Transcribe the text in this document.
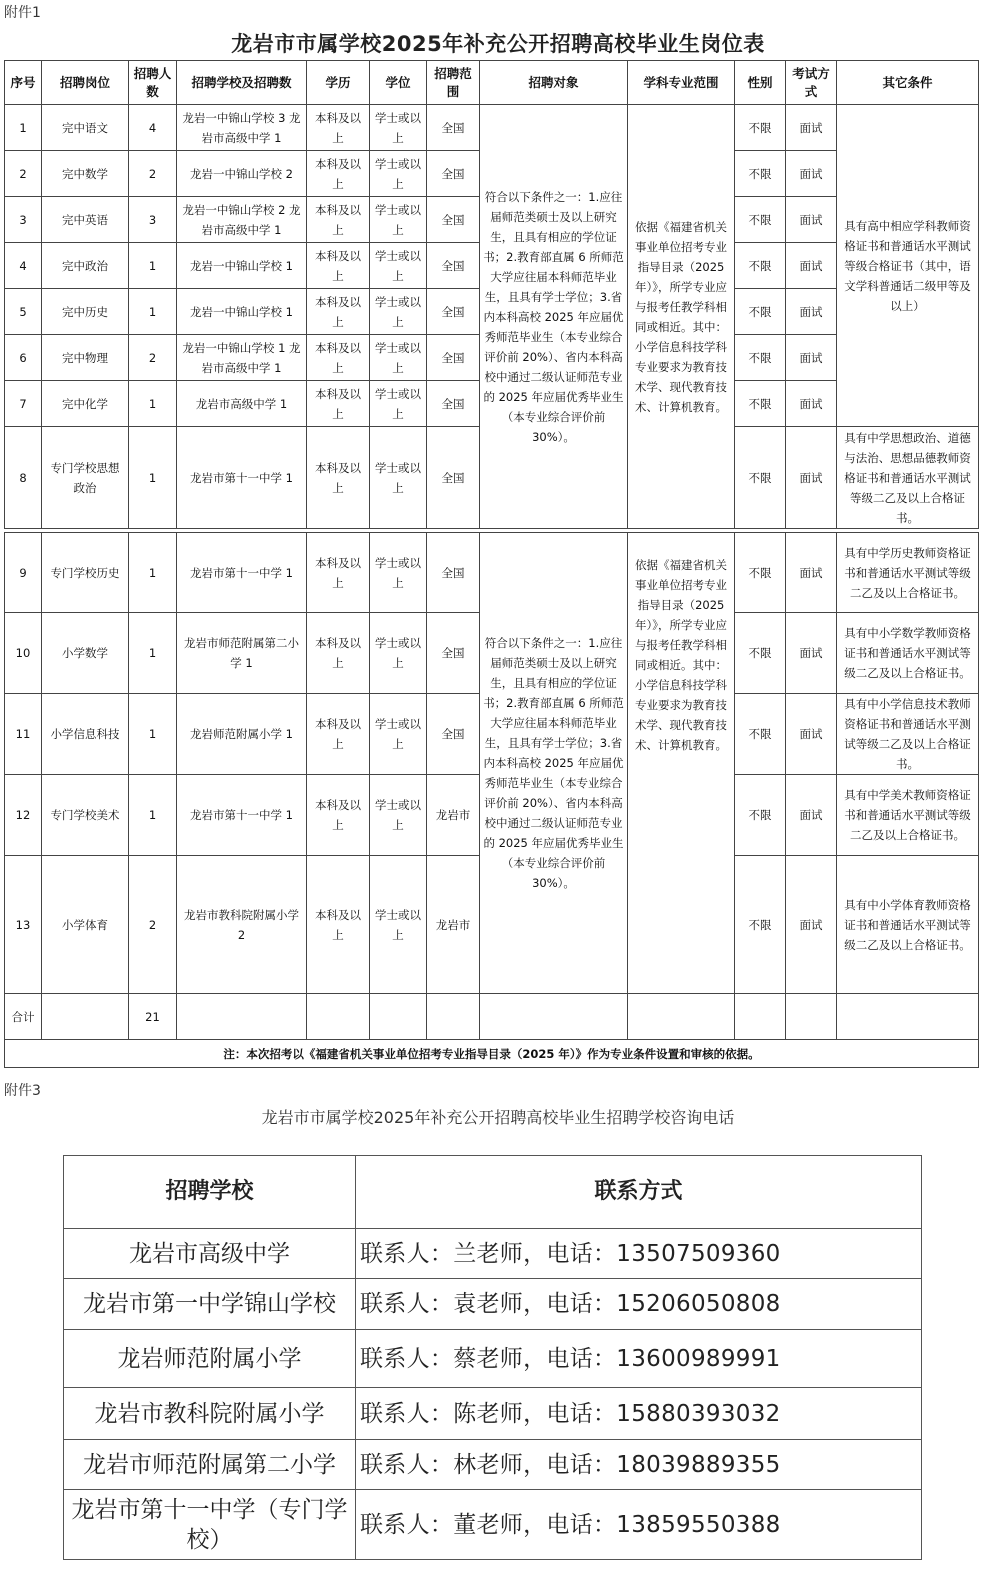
附件1
龙岩市市属学校2025年补充公开招聘高校毕业生岗位表
序号	招聘岗位	招聘人数	招聘学校及招聘数	学历	学位	招聘范围	招聘对象	学科专业范围	性别	考试方式	其它条件
1	完中语文	4	龙岩一中锦山学校 3 龙岩市高级中学 1	本科及以上	学士或以上	全国	符合以下条件之一：1.应往届师范类硕士及以上研究生，且具有相应的学位证书；2.教育部直属 6 所师范大学应往届本科师范毕业生，且具有学士学位；3.省内本科高校 2025 年应届优秀师范毕业生（本专业综合评价前 20%）、省内本科高校中通过二级认证师范专业的 2025 年应届优秀毕业生（本专业综合评价前 30%）。	依据《福建省机关事业单位招考专业指导目录（2025年）》，所学专业应与报考任教学科相同或相近。其中：小学信息科技学科专业要求为教育技术学、现代教育技术、计算机教育。	不限	面试	具有高中相应学科教师资格证书和普通话水平测试等级合格证书（其中，语文学科普通话二级甲等及以上）
2	完中数学	2	龙岩一中锦山学校 2	本科及以上	学士或以上	全国			不限	面试	
3	完中英语	3	龙岩一中锦山学校 2 龙岩市高级中学 1	本科及以上	学士或以上	全国			不限	面试	
4	完中政治	1	龙岩一中锦山学校 1	本科及以上	学士或以上	全国			不限	面试	
5	完中历史	1	龙岩一中锦山学校 1	本科及以上	学士或以上	全国			不限	面试	
6	完中物理	2	龙岩一中锦山学校 1 龙岩市高级中学 1	本科及以上	学士或以上	全国			不限	面试	
7	完中化学	1	龙岩市高级中学 1	本科及以上	学士或以上	全国			不限	面试	
8	专门学校思想政治	1	龙岩市第十一中学 1	本科及以上	学士或以上	全国			不限	面试	具有中学思想政治、道德与法治、思想品德教师资格证书和普通话水平测试等级二乙及以上合格证书。
9	专门学校历史	1	龙岩市第十一中学 1	本科及以上	学士或以上	全国	符合以下条件之一：1.应往届师范类硕士及以上研究生，且具有相应的学位证书；2.教育部直属 6 所师范大学应往届本科师范毕业生，且具有学士学位；3.省内本科高校 2025 年应届优秀师范毕业生（本专业综合评价前 20%）、省内本科高校中通过二级认证师范专业的 2025 年应届优秀毕业生（本专业综合评价前 30%）。	依据《福建省机关事业单位招考专业指导目录（2025年）》，所学专业应与报考任教学科相同或相近。其中：小学信息科技学科专业要求为教育技术学、现代教育技术、计算机教育。	不限	面试	具有中学历史教师资格证书和普通话水平测试等级二乙及以上合格证书。
10	小学数学	1	龙岩市师范附属第二小学 1	本科及以上	学士或以上	全国			不限	面试	具有中小学数学教师资格证书和普通话水平测试等级二乙及以上合格证书。
11	小学信息科技	1	龙岩师范附属小学 1	本科及以上	学士或以上	全国			不限	面试	具有中小学信息技术教师资格证书和普通话水平测试等级二乙及以上合格证书。
12	专门学校美术	1	龙岩市第十一中学 1	本科及以上	学士或以上	龙岩市			不限	面试	具有中学美术教师资格证书和普通话水平测试等级二乙及以上合格证书。
13	小学体育	2	龙岩市教科院附属小学 2	本科及以上	学士或以上	龙岩市			不限	面试	具有中小学体育教师资格证书和普通话水平测试等级二乙及以上合格证书。
合计		21									
注：本次招考以《福建省机关事业单位招考专业指导目录（2025 年）》作为专业条件设置和审核的依据。											
附件3
龙岩市市属学校2025年补充公开招聘高校毕业生招聘学校咨询电话
招聘学校	联系方式
龙岩市高级中学	联系人：兰老师，电话：13507509360
龙岩市第一中学锦山学校	联系人：袁老师，电话：15206050808
龙岩师范附属小学	联系人：蔡老师，电话：13600989991
龙岩市教科院附属小学	联系人：陈老师，电话：15880393032
龙岩市师范附属第二小学	联系人：林老师，电话：18039889355
龙岩市第十一中学（专门学校）	联系人：董老师，电话：13859550388
